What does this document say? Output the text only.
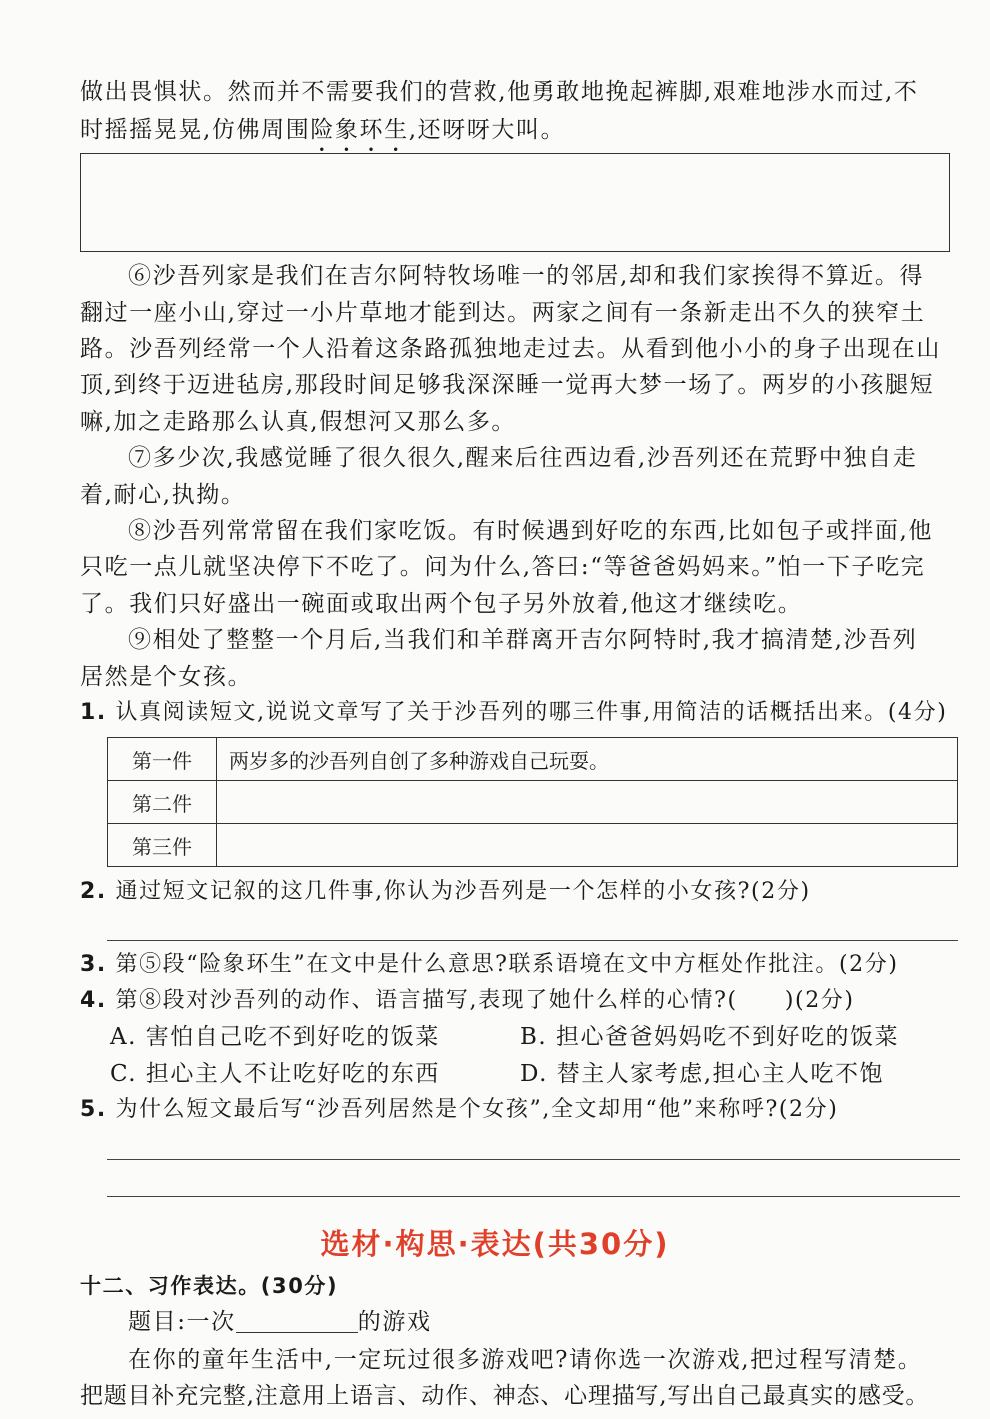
做出畏惧状。然而并不需要我们的营救,他勇敢地挽起裤脚,艰难地涉水而过,不
时摇摇晃晃,仿佛周围险象环生,还呀呀大叫。
⑥沙吾列家是我们在吉尔阿特牧场唯一的邻居,却和我们家挨得不算近。得
翻过一座小山,穿过一小片草地才能到达。两家之间有一条新走出不久的狭窄土
路。沙吾列经常一个人沿着这条路孤独地走过去。从看到他小小的身子出现在山
顶,到终于迈进毡房,那段时间足够我深深睡一觉再大梦一场了。两岁的小孩腿短
嘛,加之走路那么认真,假想河又那么多。
⑦多少次,我感觉睡了很久很久,醒来后往西边看,沙吾列还在荒野中独自走
着,耐心,执拗。
⑧沙吾列常常留在我们家吃饭。有时候遇到好吃的东西,比如包子或拌面,他
只吃一点儿就坚决停下不吃了。问为什么,答曰:“等爸爸妈妈来。”怕一下子吃完
了。我们只好盛出一碗面或取出两个包子另外放着,他这才继续吃。
⑨相处了整整一个月后,当我们和羊群离开吉尔阿特时,我才搞清楚,沙吾列
居然是个女孩。
1. 认真阅读短文,说说文章写了关于沙吾列的哪三件事,用简洁的话概括出来。(4分)
第一件	两岁多的沙吾列自创了多种游戏自己玩耍。
第二件	
第三件	
2. 通过短文记叙的这几件事,你认为沙吾列是一个怎样的小女孩?(2分)
3. 第⑤段“险象环生”在文中是什么意思?联系语境在文中方框处作批注。(2分)
4. 第⑧段对沙吾列的动作、语言描写,表现了她什么样的心情?(　　)(2分)
A. 害怕自己吃不到好吃的饭菜	B. 担心爸爸妈妈吃不到好吃的饭菜
C. 担心主人不让吃好吃的东西	D. 替主人家考虑,担心主人吃不饱
5. 为什么短文最后写“沙吾列居然是个女孩”,全文却用“他”来称呼?(2分)
选材·构思·表达(共30分)
十二、习作表达。(30分)
题目:一次	的游戏
在你的童年生活中,一定玩过很多游戏吧?请你选一次游戏,把过程写清楚。
把题目补充完整,注意用上语言、动作、神态、心理描写,写出自己最真实的感受。
